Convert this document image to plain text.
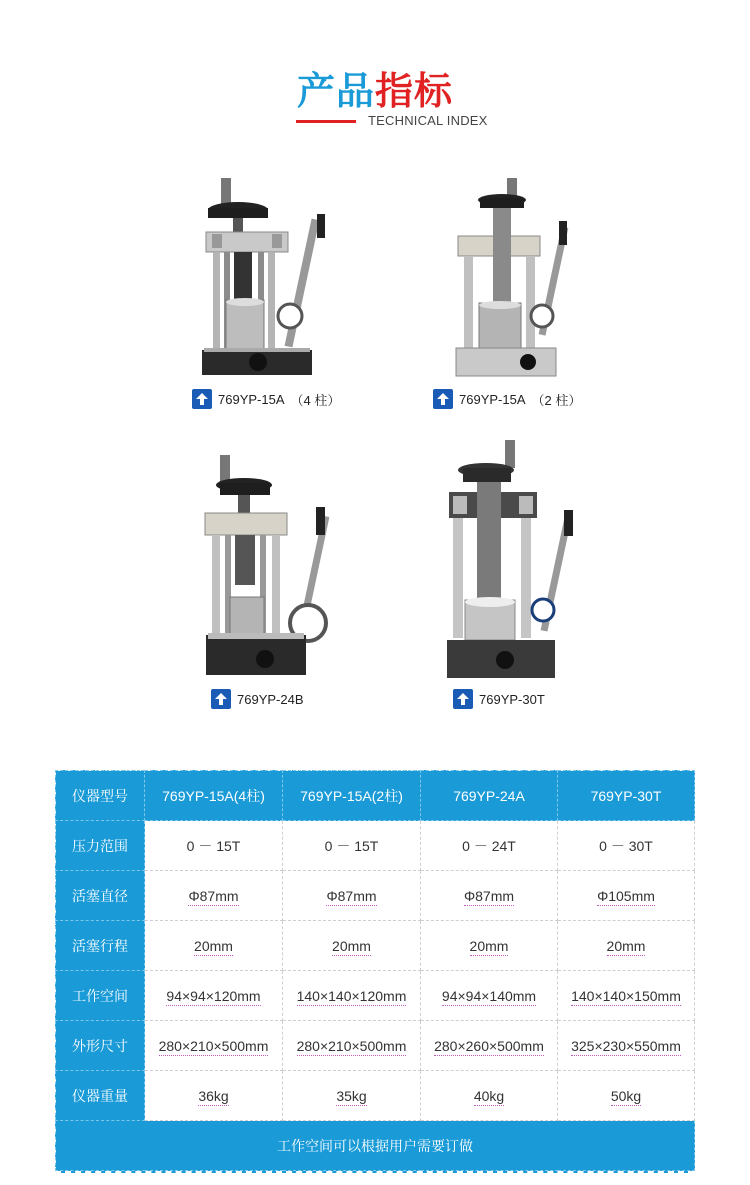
产品指标
TECHNICAL INDEX
769YP-15A （4 柱）	769YP-15A （2 柱）
769YP-24B	769YP-30T
仪器型号	769YP-15A(4柱)	769YP-15A(2柱)	769YP-24A	769YP-30T
压力范围	0 － 15T	0 － 15T	0 － 24T	0 － 30T
活塞直径	Φ87mm	Φ87mm	Φ87mm	Φ105mm
活塞行程	20mm	20mm	20mm	20mm
工作空间	94×94×120mm	140×140×120mm	94×94×140mm	140×140×150mm
外形尺寸	280×210×500mm	280×210×500mm	280×260×500mm	325×230×550mm
仪器重量	36kg	35kg	40kg	50kg
工作空间可以根据用户需要订做				
